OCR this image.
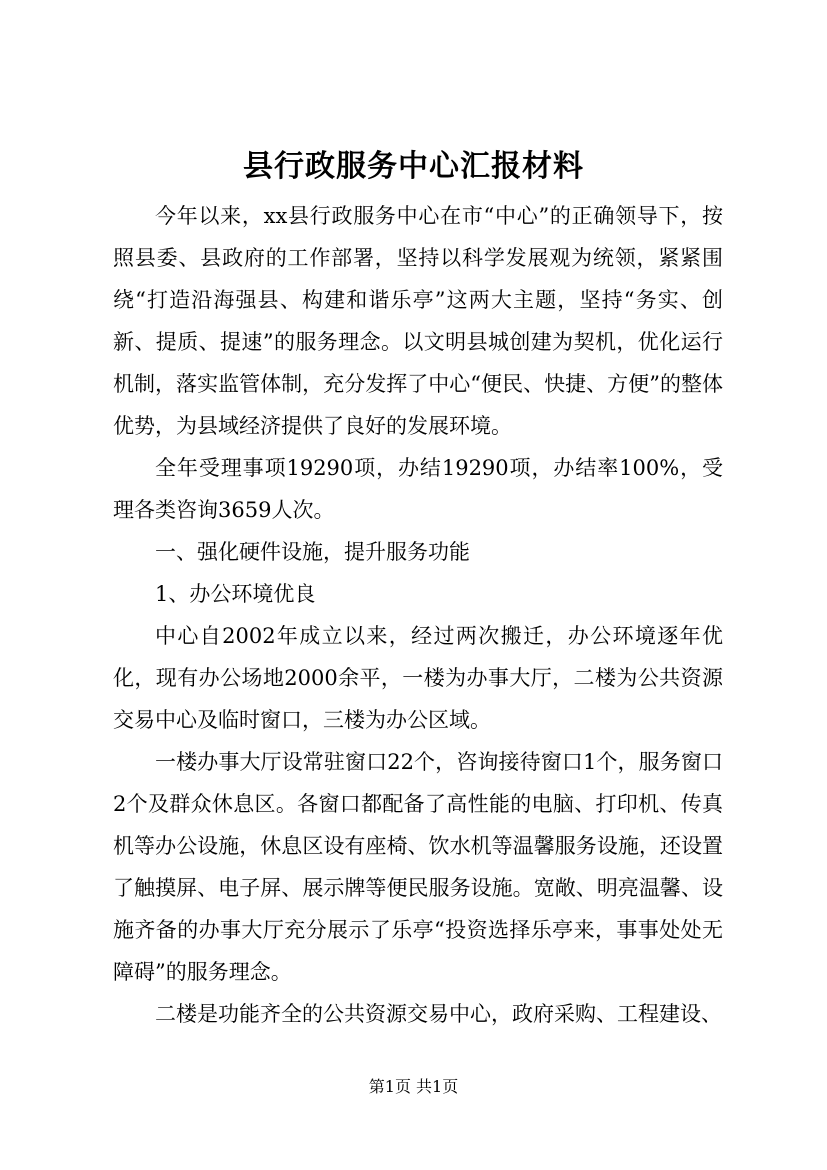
县行政服务中心汇报材料

今年以来，xx县行政服务中心在市“中心”的正确领导下，按照县委、县政府的工作部署，坚持以科学发展观为统领，紧紧围绕“打造沿海强县、构建和谐乐亭”这两大主题，坚持“务实、创新、提质、提速”的服务理念。以文明县城创建为契机，优化运行机制，落实监管体制，充分发挥了中心“便民、快捷、方便”的整体优势，为县域经济提供了良好的发展环境。

全年受理事项19290项，办结19290项，办结率100%，受理各类咨询3659人次。

一、强化硬件设施，提升服务功能

1、办公环境优良

中心自2002年成立以来，经过两次搬迁，办公环境逐年优化，现有办公场地2000余平，一楼为办事大厅，二楼为公共资源交易中心及临时窗口，三楼为办公区域。

一楼办事大厅设常驻窗口22个，咨询接待窗口1个，服务窗口2个及群众休息区。各窗口都配备了高性能的电脑、打印机、传真机等办公设施，休息区设有座椅、饮水机等温馨服务设施，还设置了触摸屏、电子屏、展示牌等便民服务设施。宽敞、明亮温馨、设施齐备的办事大厅充分展示了乐亭“投资选择乐亭来，事事处处无障碍”的服务理念。

二楼是功能齐全的公共资源交易中心，政府采购、工程建设、

第1页 共1页
